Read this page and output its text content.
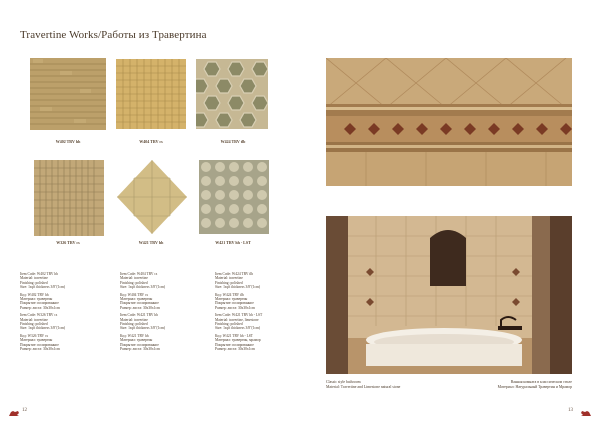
Travertine Works/Работы из Травертина
W402 TRV hh	W404 TRV cs	W424 TRV tlb
W326 TRV cs	W421 TRV hh	W421 TRV hh - LST
Item Code: W402 TRV hh
Material: travertine
Finishing: polished
Size: 1sqft thickness 3/8"(1cm)
Код: W402 TRV hh
Материал: травертин
Покрытие: полированное
Размер: листа: 30x30x1cm
Item Code: W326 TRV cs
Material: travertine
Finishing: polished
Size: 1sqft thickness 3/8"(1cm)
Код: W326 TRV cs
Материал: травертин
Покрытие: полированное
Размер: листа: 30x30x1cm
Item Code: W404 TRV cs
Material: travertine
Finishing: polished
Size: 1sqft thickness 3/8"(1cm)
Код: W404 TRV cs
Материал: травертин
Покрытие: полированное
Размер: листа: 30x30x1cm
Item Code: W421 TRV hh
Material: travertine
Finishing: polished
Size: 1sqft thickness 3/8"(1cm)
Код: W421 TRV hh
Материал: травертин
Покрытие: полированное
Размер: листа: 30x30x1cm
Item Code: W424 TRV tlb
Material: travertine
Finishing: polished
Size: 1sqft thickness 3/8"(1cm)
Код: W424 TRV tlb
Материал: травертин
Покрытие: полированное
Размер: листа: 30x30x1cm
Item Code: W421 TRV hh - LST
Material: travertine, limestone
Finishing: polished
Size: 1sqft thickness 3/8"(1cm)
Код: W421 TRV hh - LST
Материал: травертин, мрамор
Покрытие: полированное
Размер: листа: 30x30x1cm
Classic style bathroom
Material: Travertine and Limestone natural stone
Ванная комната в классическом стиле
Материал: Натуральный Травертин и Мрамор
12	13
